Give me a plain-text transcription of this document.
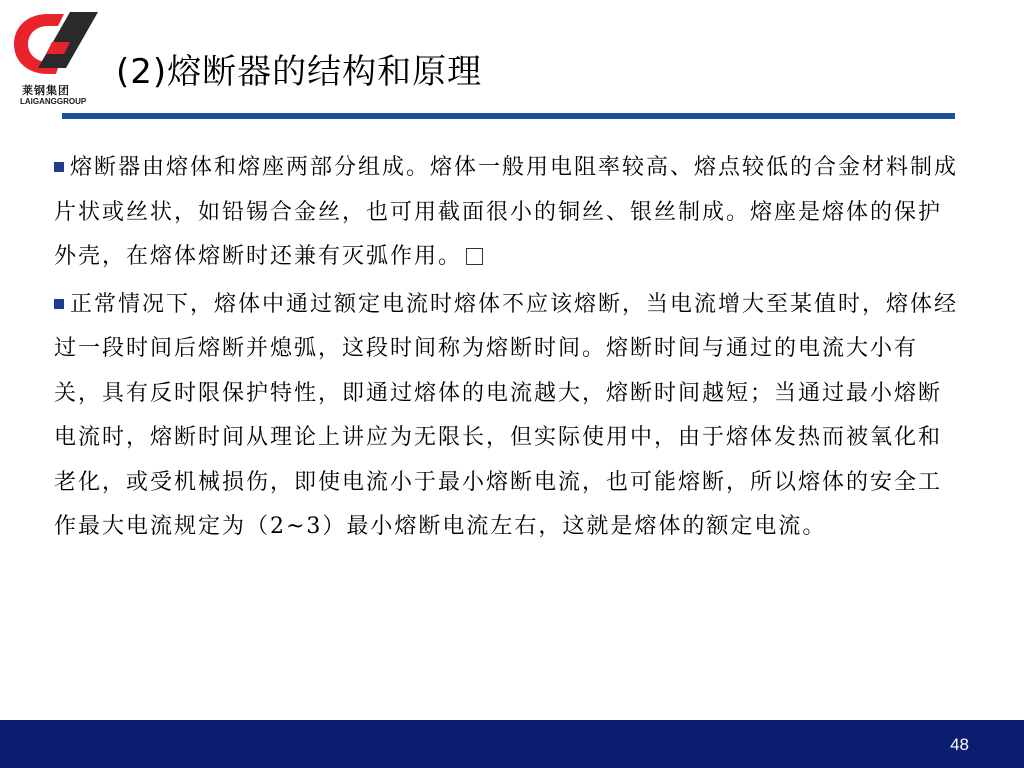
莱钢集团
LAIGANGGROUP
(2)熔断器的结构和原理

熔断器由熔体和熔座两部分组成。熔体一般用电阻率较高、熔点较低的合金材料制成片状或丝状，如铅锡合金丝，也可用截面很小的铜丝、银丝制成。熔座是熔体的保护外壳，在熔体熔断时还兼有灭弧作用。

正常情况下，熔体中通过额定电流时熔体不应该熔断，当电流增大至某值时，熔体经过一段时间后熔断并熄弧，这段时间称为熔断时间。熔断时间与通过的电流大小有关，具有反时限保护特性，即通过熔体的电流越大，熔断时间越短；当通过最小熔断电流时，熔断时间从理论上讲应为无限长，但实际使用中，由于熔体发热而被氧化和老化，或受机械损伤，即使电流小于最小熔断电流，也可能熔断，所以熔体的安全工作最大电流规定为（2~3）最小熔断电流左右，这就是熔体的额定电流。

48
